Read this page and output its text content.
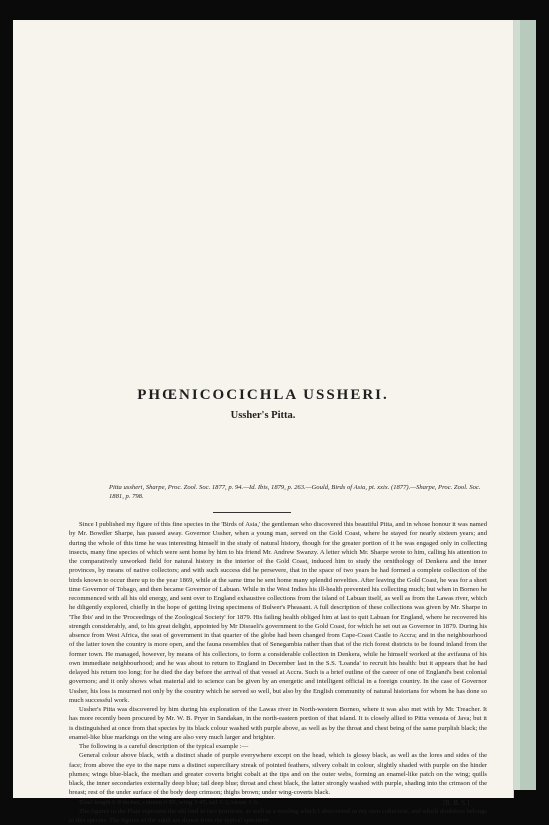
PHŒNICOCICHLA USSHERI.
Ussher's Pitta.
Pitta ussheri, Sharpe, Proc. Zool. Soc. 1877, p. 94.—Id. Ibis, 1879, p. 263.—Gould, Birds of Asia, pt. xxix. (1877).—Sharpe, Proc. Zool. Soc. 1881, p. 798.

Since I published my figure of this fine species in the 'Birds of Asia,' the gentleman who discovered this beautiful Pitta, and in whose honour it was named by Mr. Bowdler Sharpe, has passed away. Governor Ussher, when a young man, served on the Gold Coast, where he stayed for nearly sixteen years; and during the whole of this time he was interesting himself in the study of natural history, though for the greater portion of it he was engaged only in collecting insects, many fine species of which were sent home by him to his friend Mr. Andrew Swanzy. A letter which Mr. Sharpe wrote to him, calling his attention to the comparatively unworked field for natural history in the interior of the Gold Coast, induced him to study the ornithology of Denkera and the inner provinces, by means of native collectors; and with such success did he persevere, that in the space of two years he had formed a complete collection of the birds known to occur there up to the year 1869, while at the same time he sent home many splendid novelties. After leaving the Gold Coast, he was for a short time Governor of Tobago, and then became Governor of Labuan. While in the West Indies his ill-health prevented his collecting much; but when in Borneo he recommenced with all his old energy, and sent over to England exhaustive collections from the island of Labuan itself, as well as from the Lawas river, which he diligently explored, chiefly in the hope of getting living specimens of Bulwer's Pheasant. A full description of these collections was given by Mr. Sharpe in 'The Ibis' and in the 'Proceedings of the Zoological Society' for 1879. His failing health obliged him at last to quit Labuan for England, where he recovered his strength considerably, and, to his great delight, appointed by Mr Disraeli's government to the Gold Coast, for which he set out as Governor in 1879. During his absence from West Africa, the seat of government in that quarter of the globe had been changed from Cape-Coast Castle to Accra; and in the neighbourhood of the latter town the country is more open, and the fauna resembles that of Senegambia rather than that of the rich forest districts to be found inland from the former town. He managed, however, by means of his collectors, to form a considerable collection in Denkera, while he himself worked at the avifauna of his own immediate neighbourhood; and he was about to return to England in December last in the S.S. 'Loanda' to recruit his health: but it appears that he had delayed his return too long; for he died the day before the arrival of that vessel at Accra. Such is a brief outline of the career of one of England's best colonial governors; and it only shows what material aid to science can be given by an energetic and intelligent official in a foreign country. In the case of Governor Ussher, his loss is mourned not only by the country which he served so well, but also by the English community of natural historians for whom he has done so much successful work.

Ussher's Pitta was discovered by him during his exploration of the Lawas river in North-western Borneo, where it was also met with by Mr. Treacher. It has more recently been procured by Mr. W. B. Pryer in Sandakan, in the north-eastern portion of that island. It is closely allied to Pitta venusta of Java; but it is distinguished at once from that species by its black colour washed with purple above, as well as by the throat and chest being of the same purplish black; the enamel-like blue markings on the wing are also very much larger and brighter.

The following is a careful description of the typical example :—

General colour above black, with a distinct shade of purple everywhere except on the head, which is glossy black, as well as the lores and sides of the face; from above the eye to the nape runs a distinct superciliary streak of pointed feathers, silvery cobalt in colour, slightly shaded with purple on the hinder plumes; wings blue-black, the median and greater coverts bright cobalt at the tips and on the outer webs, forming an enamel-like patch on the wing; quills black, the inner secondaries externally deep blue; tail deep blue; throat and chest black, the latter strongly washed with purple, shading into the crimson of the breast; rest of the under surface of the body deep crimson; thighs brown; under wing-coverts black.

Total length 6·8 inches, culmen 0·85, wing 3·45, tail 1·3, tarsus 1·6.

The figures in the Plate represent the old bird in two positions, as well as a nestling which I discovered in my own collection, and which doubtless belongs to this species. The figures of the adult are drawn from the typical specimen.

[R. B. S.]
